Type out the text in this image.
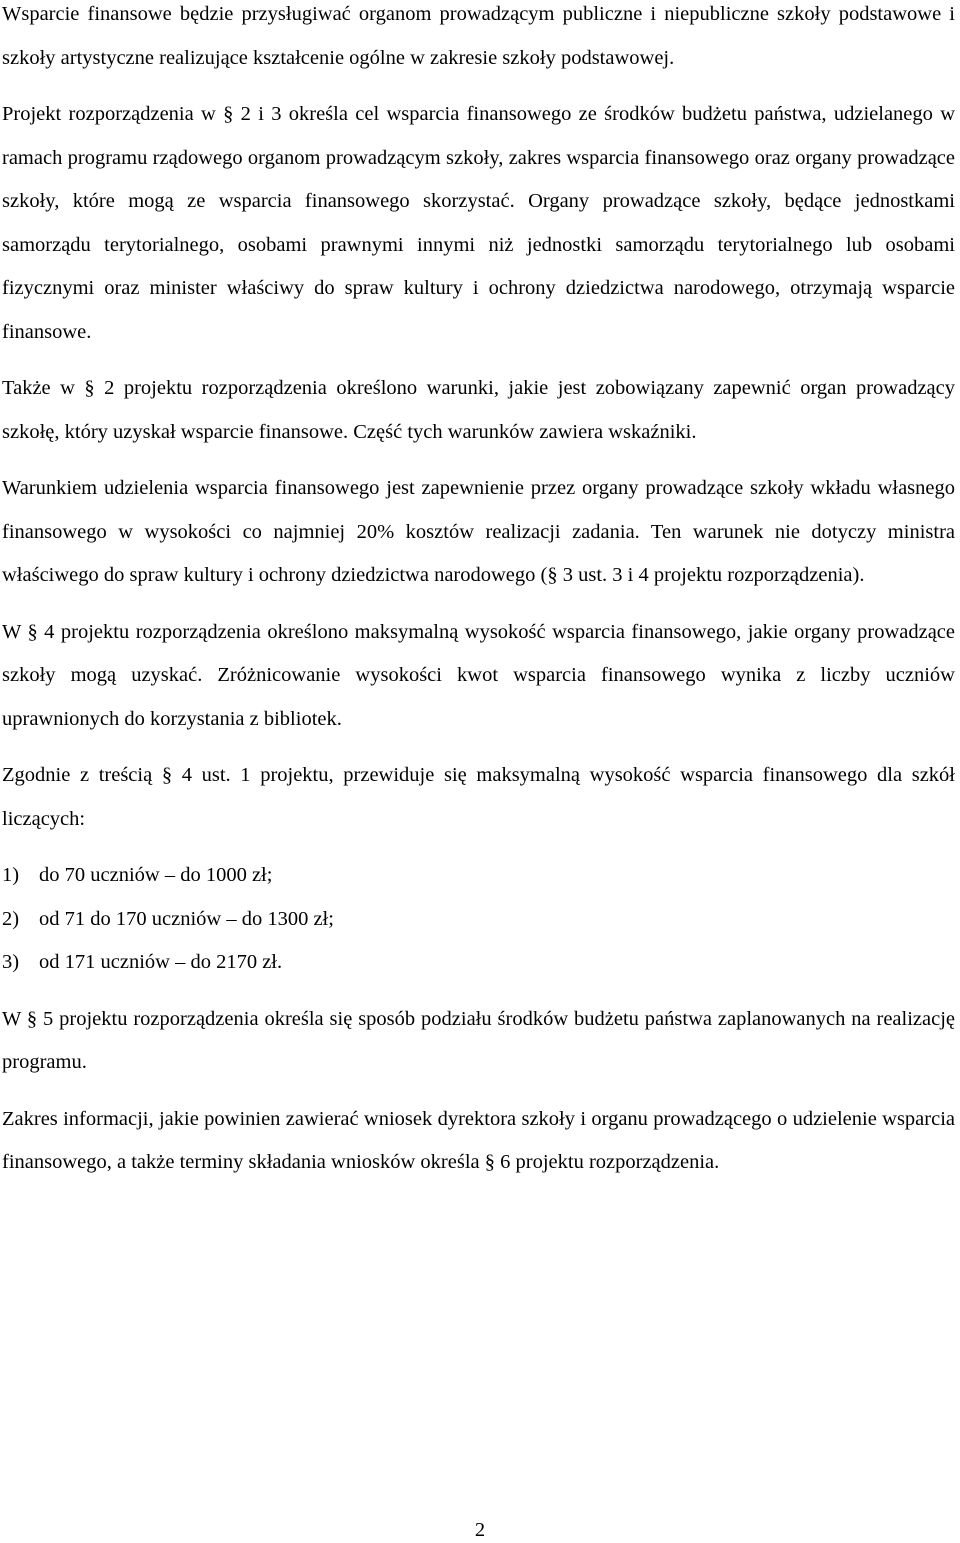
Wsparcie finansowe będzie przysługiwać organom prowadzącym publiczne i niepubliczne szkoły podstawowe i szkoły artystyczne realizujące kształcenie ogólne w zakresie szkoły podstawowej.

Projekt rozporządzenia w § 2 i 3 określa cel wsparcia finansowego ze środków budżetu państwa, udzielanego w ramach programu rządowego organom prowadzącym szkoły, zakres wsparcia finansowego oraz organy prowadzące szkoły, które mogą ze wsparcia finansowego skorzystać. Organy prowadzące szkoły, będące jednostkami samorządu terytorialnego, osobami prawnymi innymi niż jednostki samorządu terytorialnego lub osobami fizycznymi oraz minister właściwy do spraw kultury i ochrony dziedzictwa narodowego, otrzymają wsparcie finansowe.

Także w § 2 projektu rozporządzenia określono warunki, jakie jest zobowiązany zapewnić organ prowadzący szkołę, który uzyskał wsparcie finansowe. Część tych warunków zawiera wskaźniki.

Warunkiem udzielenia wsparcia finansowego jest zapewnienie przez organy prowadzące szkoły wkładu własnego finansowego w wysokości co najmniej 20% kosztów realizacji zadania. Ten warunek nie dotyczy ministra właściwego do spraw kultury i ochrony dziedzictwa narodowego (§ 3 ust. 3 i 4 projektu rozporządzenia).

W § 4 projektu rozporządzenia określono maksymalną wysokość wsparcia finansowego, jakie organy prowadzące szkoły mogą uzyskać. Zróżnicowanie wysokości kwot wsparcia finansowego wynika z liczby uczniów uprawnionych do korzystania z bibliotek.

Zgodnie z treścią § 4 ust. 1 projektu, przewiduje się maksymalną wysokość wsparcia finansowego dla szkół liczących:

1) do 70 uczniów – do 1000 zł;
2) od 71 do 170 uczniów – do 1300 zł;
3) od 171 uczniów – do 2170 zł.

W § 5 projektu rozporządzenia określa się sposób podziału środków budżetu państwa zaplanowanych na realizację programu.

Zakres informacji, jakie powinien zawierać wniosek dyrektora szkoły i organu prowadzącego o udzielenie wsparcia finansowego, a także terminy składania wniosków określa § 6 projektu rozporządzenia.

2
